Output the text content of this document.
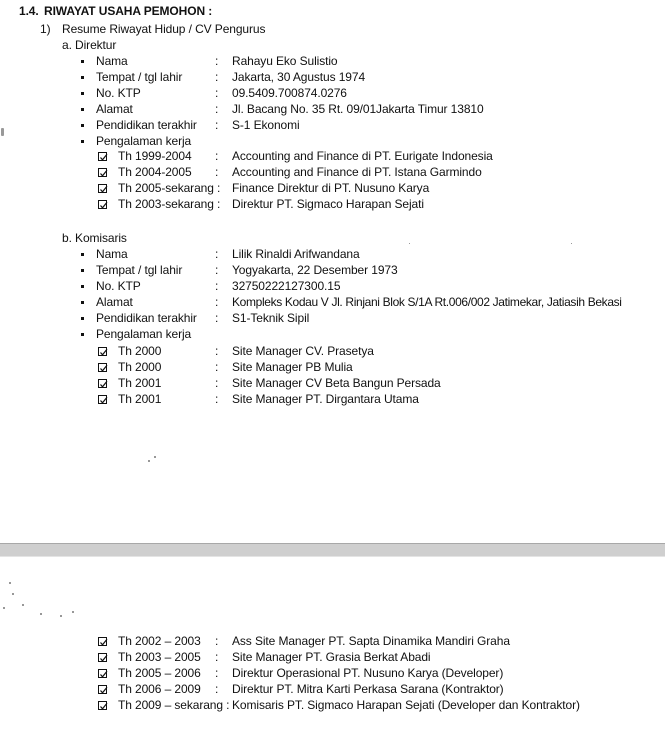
1.4. RIWAYAT USAHA PEMOHON :
1) Resume Riwayat Hidup / CV Pengurus
a. Direktur
Nama	: Rahayu Eko Sulistio
Tempat / tgl lahir	: Jakarta, 30 Agustus 1974
No. KTP	: 09.5409.700874.0276
Alamat	: Jl. Bacang No. 35 Rt. 09/01Jakarta Timur 13810
Pendidikan terakhir : S-1 Ekonomi
Pengalaman kerja
Th 1999-2004 : Accounting and Finance di PT. Eurigate Indonesia
Th 2004-2005 : Accounting and Finance di PT. Istana Garmindo
Th 2005-sekarang : Finance Direktur di PT. Nusuno Karya
Th 2003-sekarang : Direktur PT. Sigmaco Harapan Sejati
b. Komisaris
Nama	: Lilik Rinaldi Arifwandana
Tempat / tgl lahir	: Yogyakarta, 22 Desember 1973
No. KTP	: 32750222127300.15
Alamat	: Kompleks Kodau V Jl. Rinjani Blok S/1A Rt.006/002 Jatimekar, Jatiasih Bekasi
Pendidikan terakhir : S1-Teknik Sipil
Pengalaman kerja
Th 2000	: Site Manager CV. Prasetya
Th 2000	: Site Manager PB Mulia
Th 2001	: Site Manager CV Beta Bangun Persada
Th 2001	: Site Manager PT. Dirgantara Utama
Th 2002 – 2003 : Ass Site Manager PT. Sapta Dinamika Mandiri Graha
Th 2003 – 2005 : Site Manager PT. Grasia Berkat Abadi
Th 2005 – 2006 : Direktur Operasional PT. Nusuno Karya (Developer)
Th 2006 – 2009 : Direktur PT. Mitra Karti Perkasa Sarana (Kontraktor)
Th 2009 – sekarang : Komisaris PT. Sigmaco Harapan Sejati (Developer dan Kontraktor)
